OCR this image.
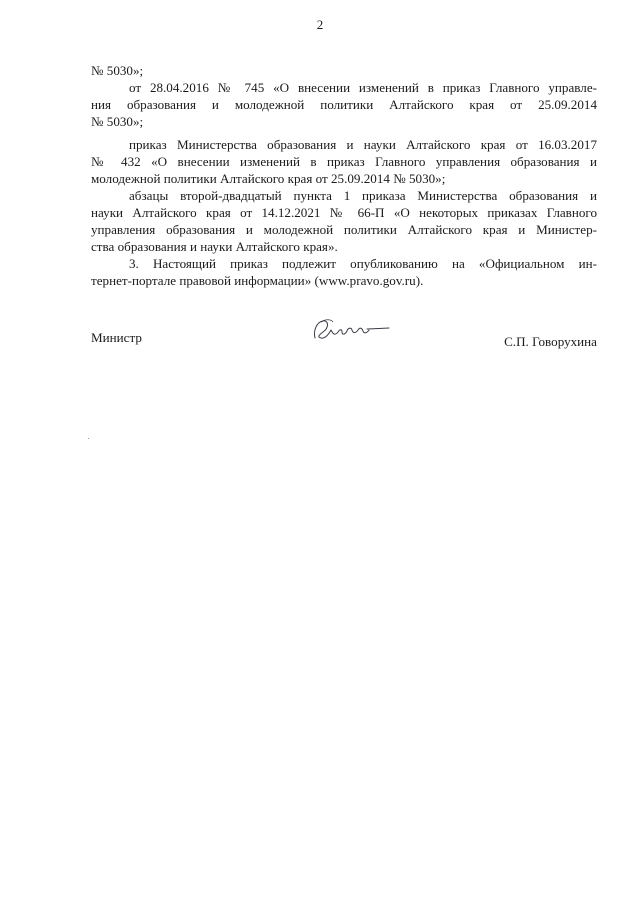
2
№ 5030»;
от 28.04.2016 № 745 «О внесении изменений в приказ Главного управле-
ния образования и молодежной политики Алтайского края от 25.09.2014
№ 5030»;
приказ Министерства образования и науки Алтайского края от 16.03.2017
№ 432 «О внесении изменений в приказ Главного управления образования и
молодежной политики Алтайского края от 25.09.2014 № 5030»;
абзацы второй-двадцатый пункта 1 приказа Министерства образования и
науки Алтайского края от 14.12.2021 № 66-П «О некоторых приказах Главного
управления образования и молодежной политики Алтайского края и Министер-
ства образования и науки Алтайского края».
3. Настоящий приказ подлежит опубликованию на «Официальном ин-
тернет-портале правовой информации» (www.pravo.gov.ru).
Министр	С.П. Говорухина
